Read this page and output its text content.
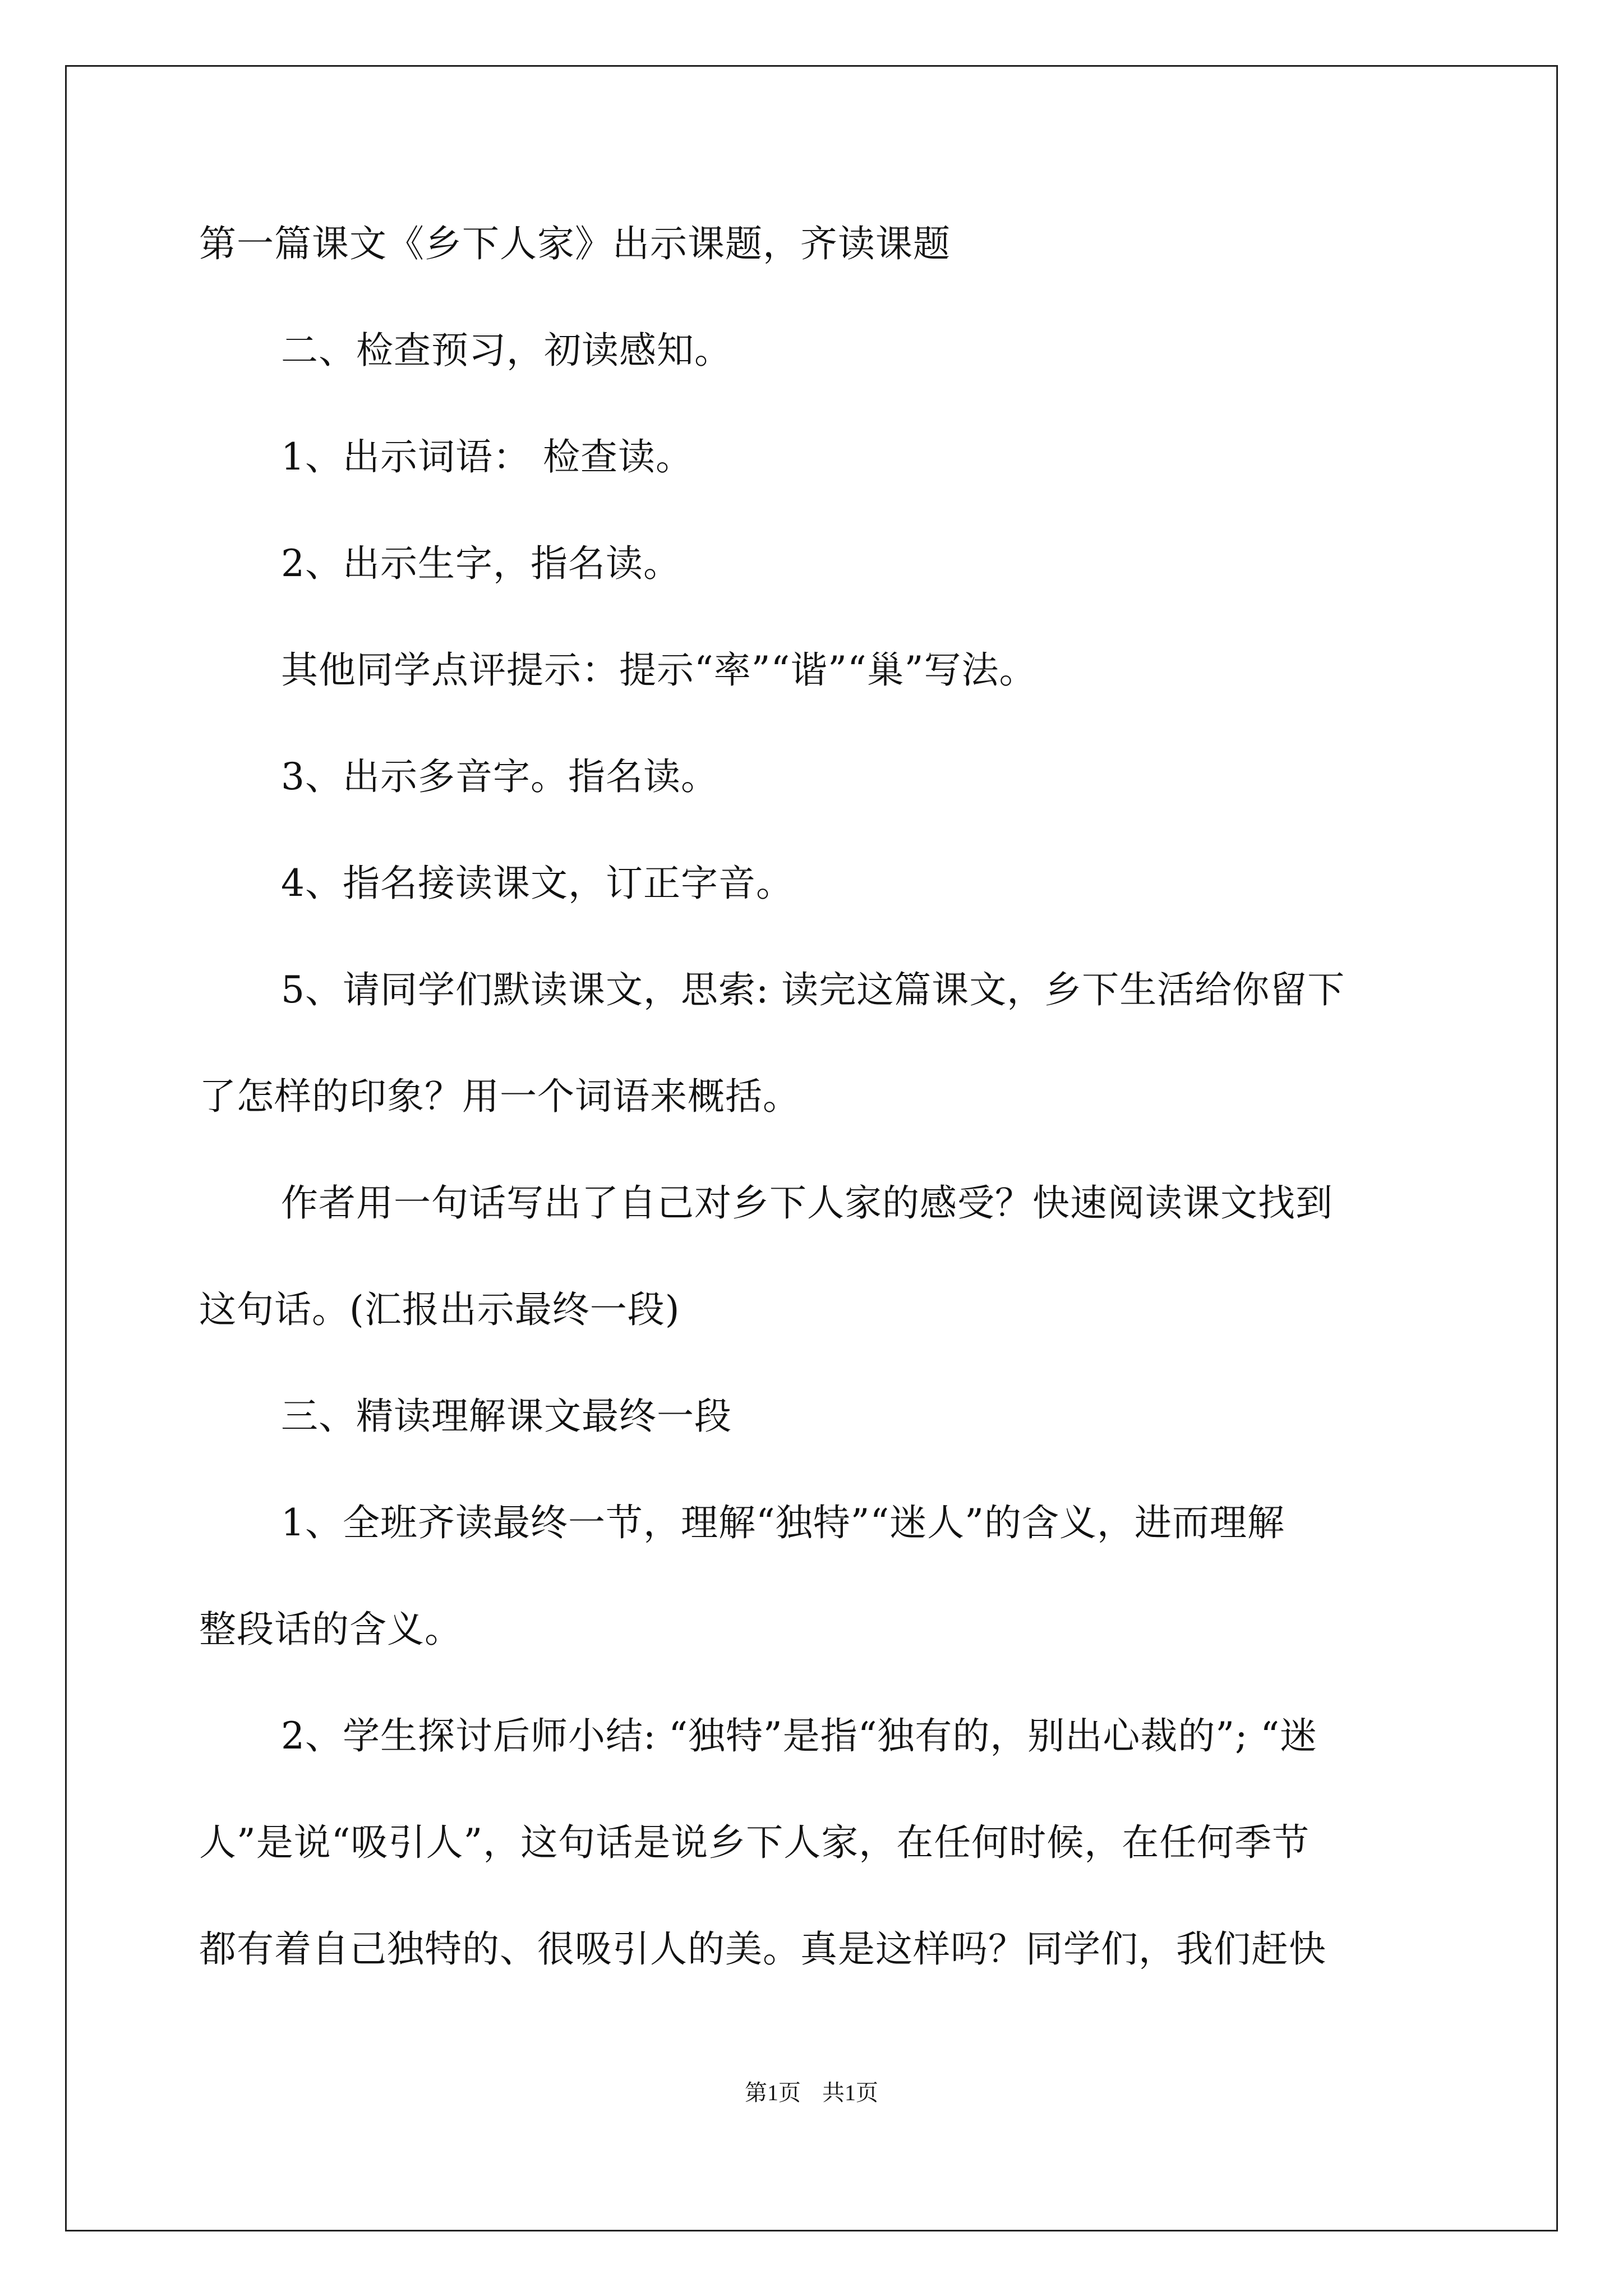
第一篇课文《乡下人家》出示课题，齐读课题
二、检查预习，初读感知。
1、出示词语： 检查读。
2、出示生字，指名读。
其他同学点评提示：提示“率”“谐”“巢”写法。
3、出示多音字。指名读。
4、指名接读课文，订正字音。
5、请同学们默读课文，思索: 读完这篇课文，乡下生活给你留下
了怎样的印象？用一个词语来概括。
作者用一句话写出了自己对乡下人家的感受？快速阅读课文找到
这句话。(汇报出示最终一段)
三、精读理解课文最终一段
1、全班齐读最终一节，理解“独特”“迷人”的含义，进而理解
整段话的含义。
2、学生探讨后师小结: “独特”是指“独有的，别出心裁的”; “迷
人”是说“吸引人”，这句话是说乡下人家，在任何时候，在任何季节
都有着自己独特的、很吸引人的美。真是这样吗？同学们，我们赶快
第1页 共1页
